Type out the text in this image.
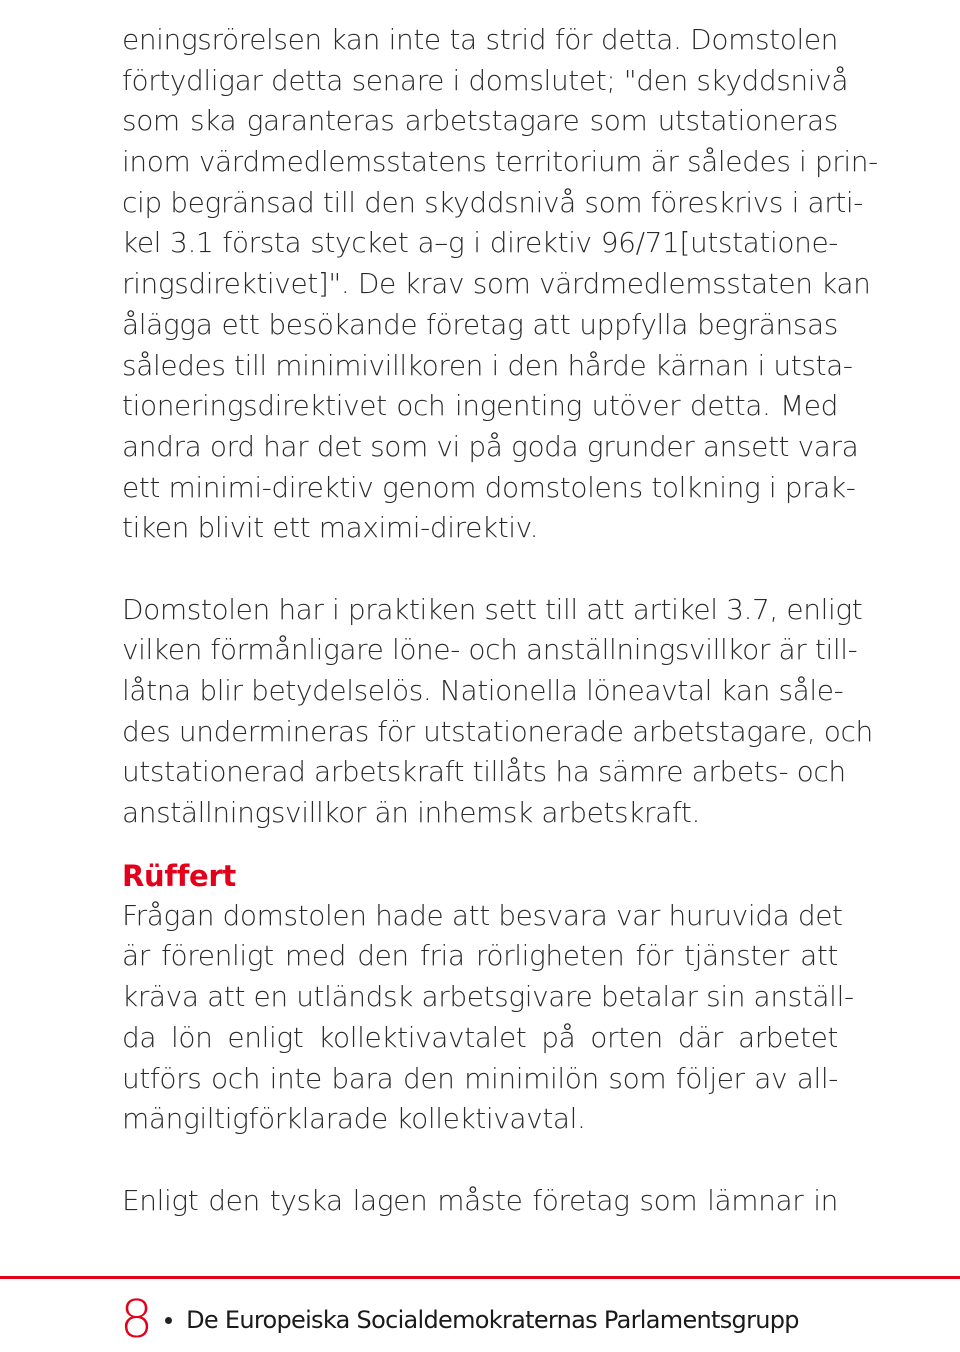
eningsrörelsen kan inte ta strid för detta. Domstolen
förtydligar detta senare i domslutet; "den skyddsnivå
som ska garanteras arbetstagare som utstationeras
inom värdmedlemsstatens territorium är således i prin-
cip begränsad till den skyddsnivå som föreskrivs i arti-
kel 3.1 första stycket a–g i direktiv 96/71[utstatione-
ringsdirektivet]". De krav som värdmedlemsstaten kan
ålägga ett besökande företag att uppfylla begränsas
således till minimivillkoren i den hårde kärnan i utsta-
tioneringsdirektivet och ingenting utöver detta. Med
andra ord har det som vi på goda grunder ansett vara
ett minimi-direktiv genom domstolens tolkning i prak-
tiken blivit ett maximi-direktiv.
Domstolen har i praktiken sett till att artikel 3.7, enligt
vilken förmånligare löne- och anställningsvillkor är till-
låtna blir betydelselös. Nationella löneavtal kan såle-
des undermineras för utstationerade arbetstagare, och
utstationerad arbetskraft tillåts ha sämre arbets- och
anställningsvillkor än inhemsk arbetskraft.
Rüffert
Frågan domstolen hade att besvara var huruvida det
är förenligt med den fria rörligheten för tjänster att
kräva att en utländsk arbetsgivare betalar sin anställ-
da lön enligt kollektivavtalet på orten där arbetet
utförs och inte bara den minimilön som följer av all-
mängiltigförklarade kollektivavtal.
Enligt den tyska lagen måste företag som lämnar in
8 De Europeiska Socialdemokraternas Parlamentsgrupp
